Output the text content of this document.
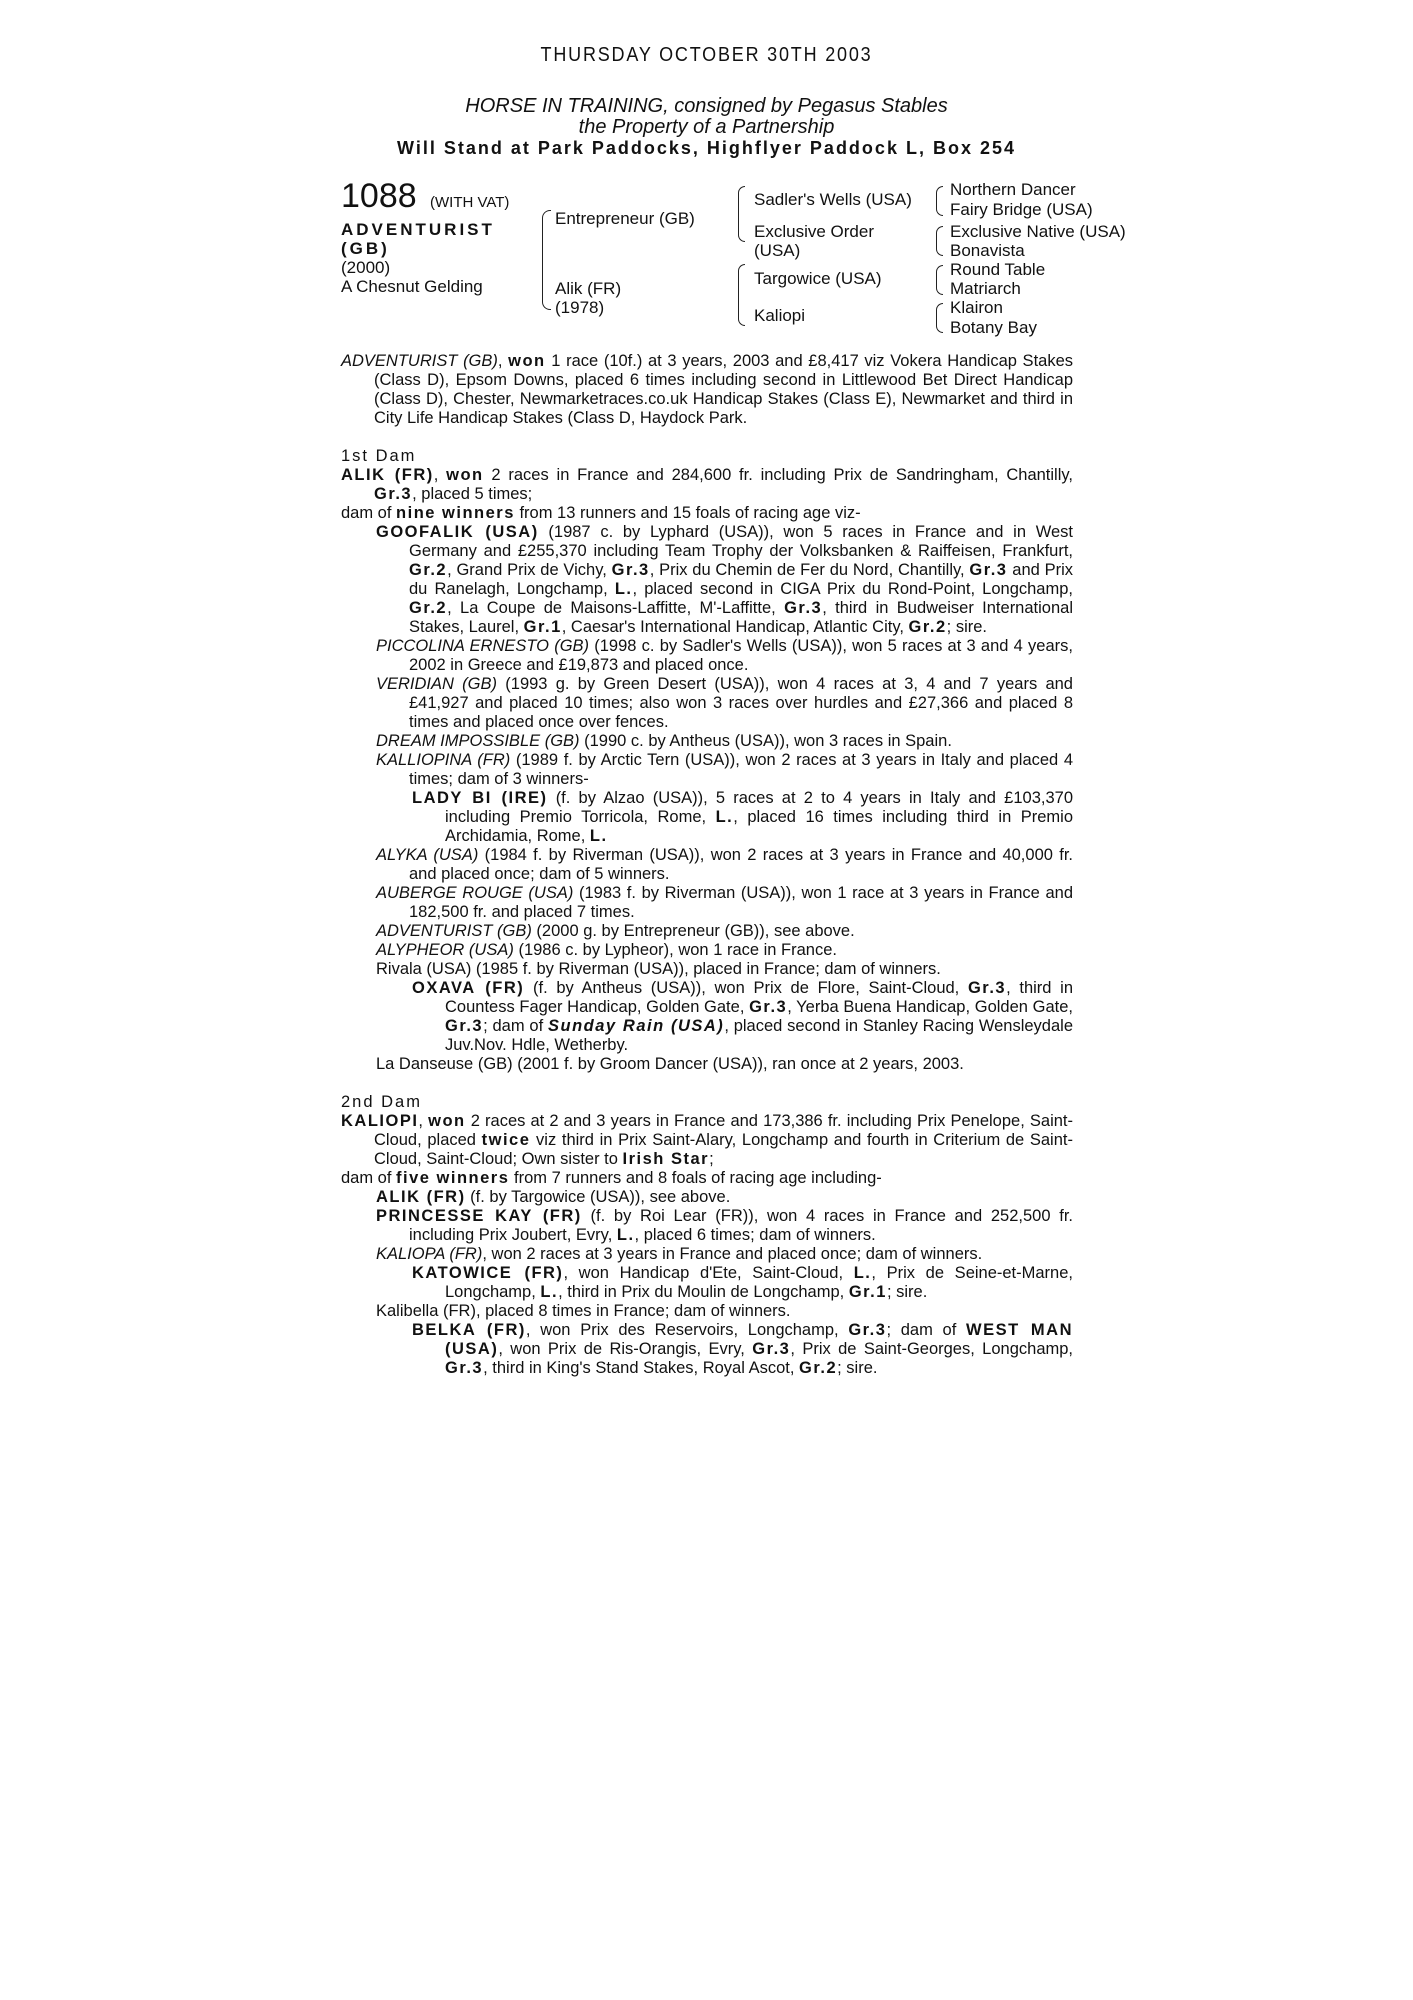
THURSDAY OCTOBER 30TH 2003
HORSE IN TRAINING, consigned by Pegasus Stables
the Property of a Partnership
Will Stand at Park Paddocks, Highflyer Paddock L, Box 254
1088 (WITH VAT)
ADVENTURIST (GB)
(2000)
A Chesnut Gelding
Entrepreneur (GB)
Alik (FR)
(1978)
Sadler's Wells (USA)
Exclusive Order
(USA)
Targowice (USA)
Kaliopi
Northern Dancer
Fairy Bridge (USA)
Exclusive Native (USA)
Bonavista
Round Table
Matriarch
Klairon
Botany Bay

ADVENTURIST (GB), won 1 race (10f.) at 3 years, 2003 and £8,417 viz Vokera Handicap Stakes (Class D), Epsom Downs, placed 6 times including second in Littlewood Bet Direct Handicap (Class D), Chester, Newmarketraces.co.uk Handicap Stakes (Class E), Newmarket and third in City Life Handicap Stakes (Class D, Haydock Park.

1st Dam

ALIK (FR), won 2 races in France and 284,600 fr. including Prix de Sandringham, Chantilly, Gr.3, placed 5 times;

dam of nine winners from 13 runners and 15 foals of racing age viz-

GOOFALIK (USA) (1987 c. by Lyphard (USA)), won 5 races in France and in West Germany and £255,370 including Team Trophy der Volksbanken & Raiffeisen, Frankfurt, Gr.2, Grand Prix de Vichy, Gr.3, Prix du Chemin de Fer du Nord, Chantilly, Gr.3 and Prix du Ranelagh, Longchamp, L., placed second in CIGA Prix du Rond-Point, Longchamp, Gr.2, La Coupe de Maisons-Laffitte, M'-Laffitte, Gr.3, third in Budweiser International Stakes, Laurel, Gr.1, Caesar's International Handicap, Atlantic City, Gr.2; sire.

PICCOLINA ERNESTO (GB) (1998 c. by Sadler's Wells (USA)), won 5 races at 3 and 4 years, 2002 in Greece and £19,873 and placed once.

VERIDIAN (GB) (1993 g. by Green Desert (USA)), won 4 races at 3, 4 and 7 years and £41,927 and placed 10 times; also won 3 races over hurdles and £27,366 and placed 8 times and placed once over fences.

DREAM IMPOSSIBLE (GB) (1990 c. by Antheus (USA)), won 3 races in Spain.

KALLIOPINA (FR) (1989 f. by Arctic Tern (USA)), won 2 races at 3 years in Italy and placed 4 times; dam of 3 winners-

LADY BI (IRE) (f. by Alzao (USA)), 5 races at 2 to 4 years in Italy and £103,370 including Premio Torricola, Rome, L., placed 16 times including third in Premio Archidamia, Rome, L.

ALYKA (USA) (1984 f. by Riverman (USA)), won 2 races at 3 years in France and 40,000 fr. and placed once; dam of 5 winners.

AUBERGE ROUGE (USA) (1983 f. by Riverman (USA)), won 1 race at 3 years in France and 182,500 fr. and placed 7 times.

ADVENTURIST (GB) (2000 g. by Entrepreneur (GB)), see above.

ALYPHEOR (USA) (1986 c. by Lypheor), won 1 race in France.

Rivala (USA) (1985 f. by Riverman (USA)), placed in France; dam of winners.

OXAVA (FR) (f. by Antheus (USA)), won Prix de Flore, Saint-Cloud, Gr.3, third in Countess Fager Handicap, Golden Gate, Gr.3, Yerba Buena Handicap, Golden Gate, Gr.3; dam of Sunday Rain (USA), placed second in Stanley Racing Wensleydale Juv.Nov. Hdle, Wetherby.

La Danseuse (GB) (2001 f. by Groom Dancer (USA)), ran once at 2 years, 2003.

2nd Dam

KALIOPI, won 2 races at 2 and 3 years in France and 173,386 fr. including Prix Penelope, Saint-Cloud, placed twice viz third in Prix Saint-Alary, Longchamp and fourth in Criterium de Saint-Cloud, Saint-Cloud; Own sister to Irish Star;

dam of five winners from 7 runners and 8 foals of racing age including-

ALIK (FR) (f. by Targowice (USA)), see above.

PRINCESSE KAY (FR) (f. by Roi Lear (FR)), won 4 races in France and 252,500 fr. including Prix Joubert, Evry, L., placed 6 times; dam of winners.

KALIOPA (FR), won 2 races at 3 years in France and placed once; dam of winners.

KATOWICE (FR), won Handicap d'Ete, Saint-Cloud, L., Prix de Seine-et-Marne, Longchamp, L., third in Prix du Moulin de Longchamp, Gr.1; sire.

Kalibella (FR), placed 8 times in France; dam of winners.

BELKA (FR), won Prix des Reservoirs, Longchamp, Gr.3; dam of WEST MAN (USA), won Prix de Ris-Orangis, Evry, Gr.3, Prix de Saint-Georges, Longchamp, Gr.3, third in King's Stand Stakes, Royal Ascot, Gr.2; sire.
